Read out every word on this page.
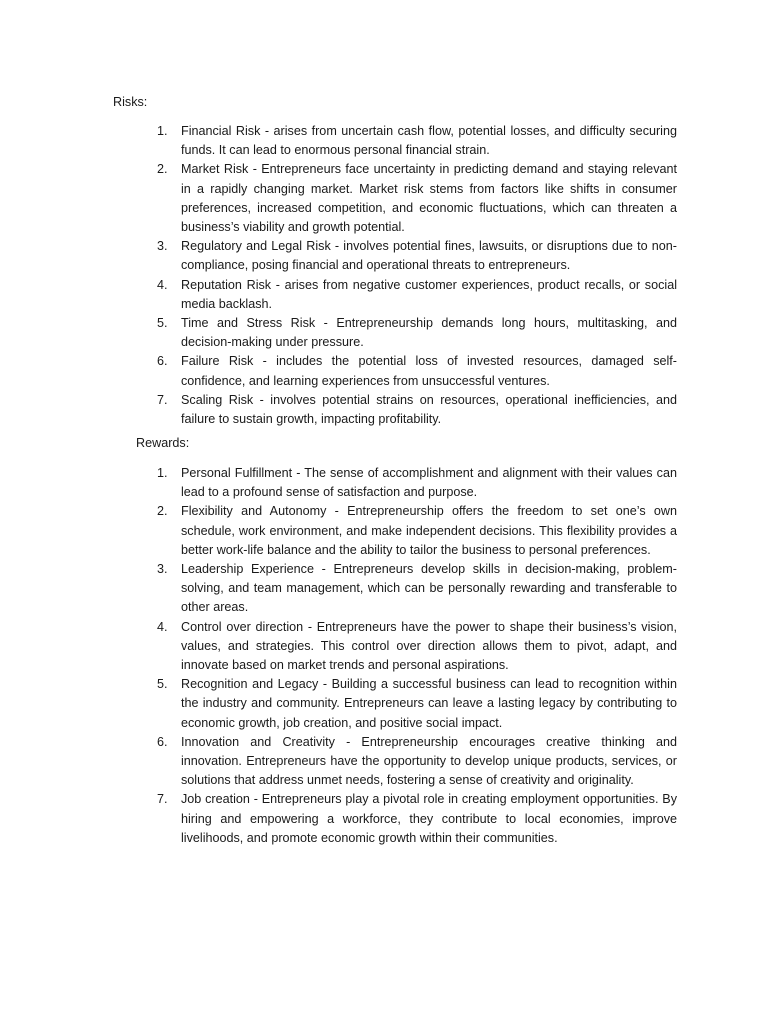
Risks:

1.	Financial Risk - arises from uncertain cash flow, potential losses, and difficulty securing funds. It can lead to enormous personal financial strain.
2.	Market Risk - Entrepreneurs face uncertainty in predicting demand and staying relevant in a rapidly changing market. Market risk stems from factors like shifts in consumer preferences, increased competition, and economic fluctuations, which can threaten a business’s viability and growth potential.
3.	Regulatory and Legal Risk - involves potential fines, lawsuits, or disruptions due to non-compliance, posing financial and operational threats to entrepreneurs.
4.	Reputation Risk - arises from negative customer experiences, product recalls, or social media backlash.
5.	Time and Stress Risk - Entrepreneurship demands long hours, multitasking, and decision-making under pressure.
6.	Failure Risk - includes the potential loss of invested resources, damaged self-confidence, and learning experiences from unsuccessful ventures.
7.	Scaling Risk - involves potential strains on resources, operational inefficiencies, and failure to sustain growth, impacting profitability.

Rewards:

1.	Personal Fulfillment - The sense of accomplishment and alignment with their values can lead to a profound sense of satisfaction and purpose.
2.	Flexibility and Autonomy - Entrepreneurship offers the freedom to set one’s own schedule, work environment, and make independent decisions. This flexibility provides a better work-life balance and the ability to tailor the business to personal preferences.
3.	Leadership Experience - Entrepreneurs develop skills in decision-making, problem-solving, and team management, which can be personally rewarding and transferable to other areas.
4.	Control over direction - Entrepreneurs have the power to shape their business’s vision, values, and strategies. This control over direction allows them to pivot, adapt, and innovate based on market trends and personal aspirations.
5.	Recognition and Legacy - Building a successful business can lead to recognition within the industry and community. Entrepreneurs can leave a lasting legacy by contributing to economic growth, job creation, and positive social impact.
6.	Innovation and Creativity - Entrepreneurship encourages creative thinking and innovation. Entrepreneurs have the opportunity to develop unique products, services, or solutions that address unmet needs, fostering a sense of creativity and originality.
7.	Job creation - Entrepreneurs play a pivotal role in creating employment opportunities. By hiring and empowering a workforce, they contribute to local economies, improve livelihoods, and promote economic growth within their communities.
